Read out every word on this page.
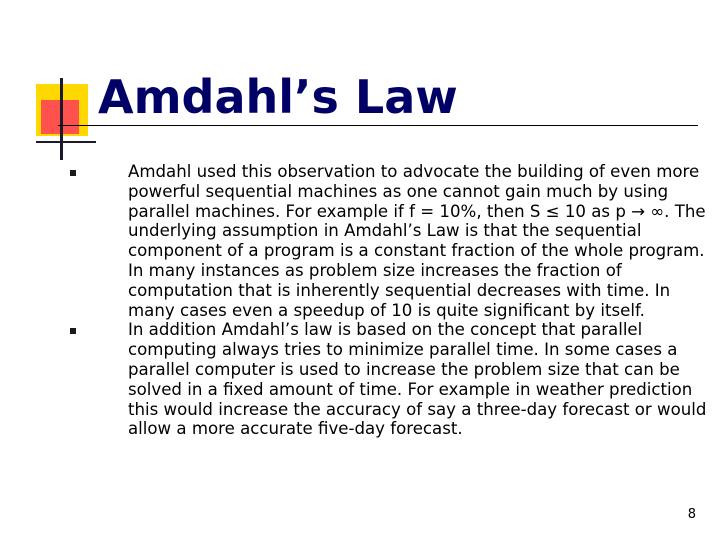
Amdahl’s Law
Amdahl used this observation to advocate the building of even more powerful sequential machines as one cannot gain much by using parallel machines. For example if f = 10%, then S ≤ 10 as p → ∞. The underlying assumption in Amdahl’s Law is that the sequential component of a program is a constant fraction of the whole program. In many instances as problem size increases the fraction of computation that is inherently sequential decreases with time. In many cases even a speedup of 10 is quite significant by itself.
In addition Amdahl’s law is based on the concept that parallel computing always tries to minimize parallel time. In some cases a parallel computer is used to increase the problem size that can be solved in a fixed amount of time. For example in weather prediction this would increase the accuracy of say a three-day forecast or would allow a more accurate five-day forecast.
8
